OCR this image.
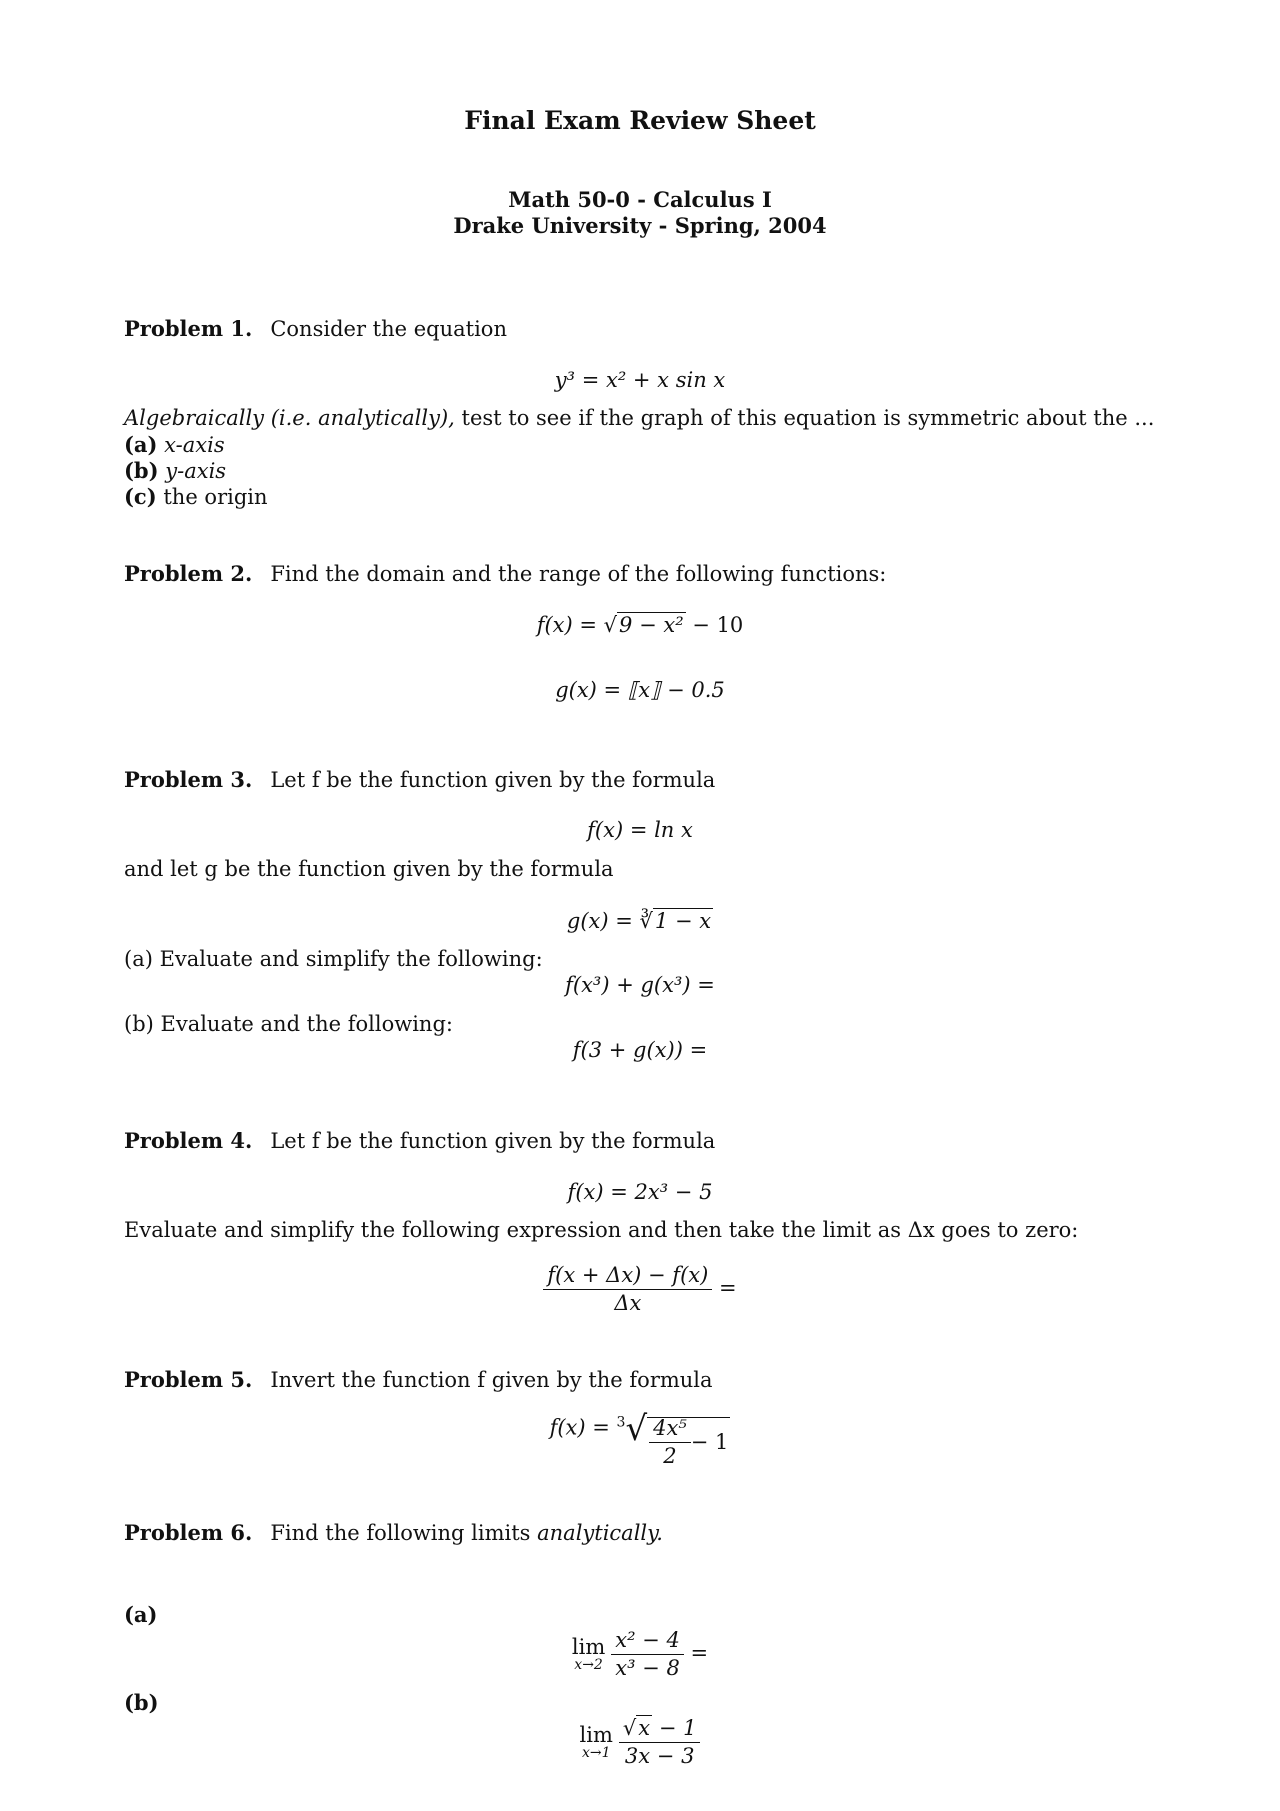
Final Exam Review Sheet
Math 50-0 - Calculus I
Drake University - Spring, 2004
Problem 1. Consider the equation
y³ = x² + x sin x
Algebraically (i.e. analytically), test to see if the graph of this equation is symmetric about the ...
(a) x-axis
(b) y-axis
(c) the origin
Problem 2. Find the domain and the range of the following functions:
f(x) = √9 − x² − 10
g(x) = ⟦x⟧ − 0.5
Problem 3. Let f be the function given by the formula
f(x) = ln x
and let g be the function given by the formula
g(x) = ∛1 − x
(a) Evaluate and simplify the following:
f(x³) + g(x³) =
(b) Evaluate and the following:
f(3 + g(x)) =
Problem 4. Let f be the function given by the formula
f(x) = 2x³ − 5
Evaluate and simplify the following expression and then take the limit as Δx goes to zero:
$\frac{f(x + \Delta x) - f(x)}{\Delta x}$ =
Problem 5. Invert the function f given by the formula
$f(x) = ^3√ \frac{\text{4x⁵}}{2} - 1$
Problem 6. Find the following limits analytically.
(a)
lim
$x\to 2 \frac{\text{x² − 4}}{\text{x³ − 8}}$ =
(b)
lim
$x\to 1 \frac{√x - 1}{3x - 3}$
